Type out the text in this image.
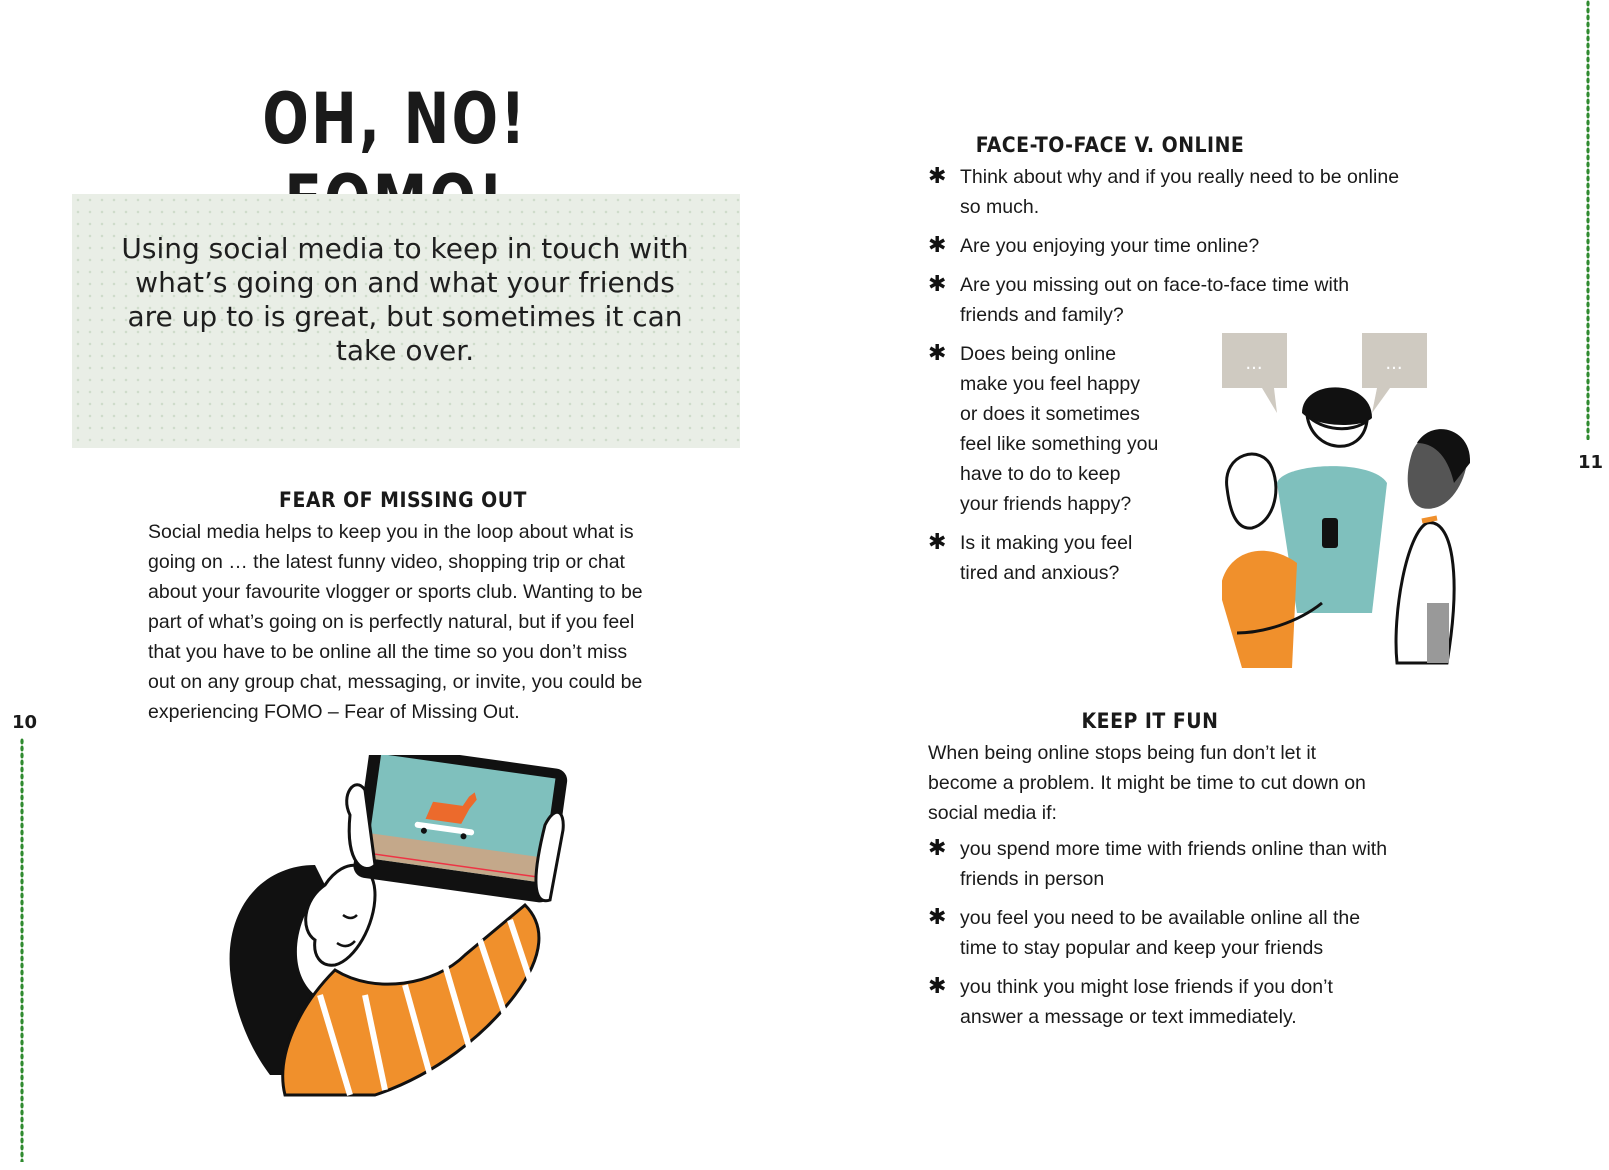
OH, NO!
Using social media to keep in touch with what’s going on and what your friends are up to is great, but sometimes it can take over.
FEAR OF MISSING OUT
Social media helps to keep you in the loop about what is going on … the latest funny video, shopping trip or chat about your favourite vlogger or sports club. Wanting to be part of what’s going on is perfectly natural, but if you feel that you have to be online all the time so you don’t miss out on any group chat, messaging, or invite, you could be experiencing FOMO – Fear of Missing Out.
10
FACE-TO-FACE V. ONLINE
✱ Think about why and if you really need to be online so much.
✱ Are you enjoying your time online?
✱ Are you missing out on face-to-face time with friends and family?
✱ Does being online make you feel happy or does it sometimes feel like something you have to do to keep your friends happy?
✱ Is it making you feel tired and anxious?
...	...
KEEP IT FUN
When being online stops being fun don’t let it become a problem. It might be time to cut down on social media if:
✱ you spend more time with friends online than with friends in person
✱ you feel you need to be available online all the time to stay popular and keep your friends
✱ you think you might lose friends if you don’t answer a message or text immediately.
11
